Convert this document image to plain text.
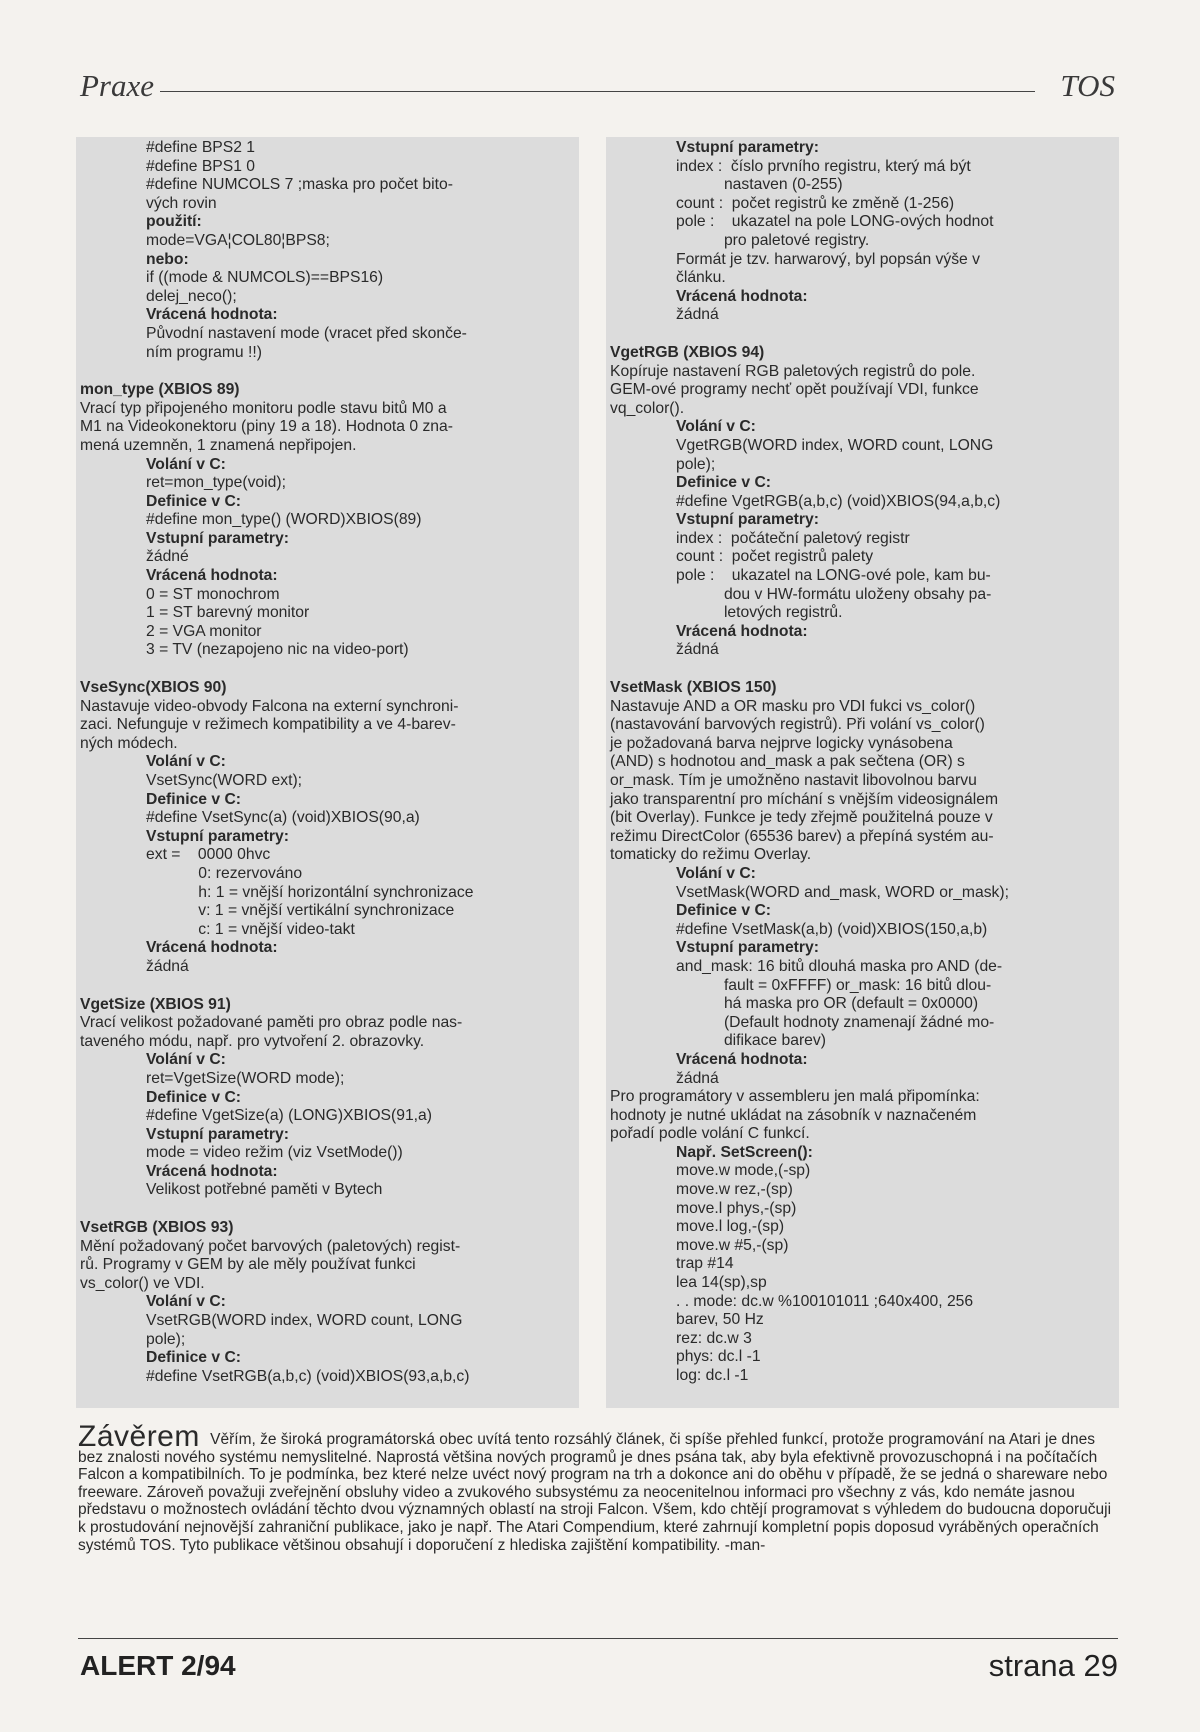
Praxe	TOS
#define BPS2 1
#define BPS1 0
#define NUMCOLS 7 ;maska pro počet bito-
vých rovin
použití:
mode=VGA¦COL80¦BPS8;
nebo:
if ((mode & NUMCOLS)==BPS16)
delej_neco();
Vrácená hodnota:
Původní nastavení mode (vracet před skonče-
ním programu !!)
mon_type (XBIOS 89)
Vrací typ připojeného monitoru podle stavu bitů M0 a
M1 na Videokonektoru (piny 19 a 18). Hodnota 0 zna-
mená uzemněn, 1 znamená nepřipojen.
Volání v C:
ret=mon_type(void);
Definice v C:
#define mon_type() (WORD)XBIOS(89)
Vstupní parametry:
žádné
Vrácená hodnota:
0 = ST monochrom
1 = ST barevný monitor
2 = VGA monitor
3 = TV (nezapojeno nic na video-port)
VseSync(XBIOS 90)
Nastavuje video-obvody Falcona na externí synchroni-
zaci. Nefunguje v režimech kompatibility a ve 4-barev-
ných módech.
Volání v C:
VsetSync(WORD ext);
Definice v C:
#define VsetSync(a) (void)XBIOS(90,a)
Vstupní parametry:
ext =    0000 0hvc
0: rezervováno
h: 1 = vnější horizontální synchronizace
v: 1 = vnější vertikální synchronizace
c: 1 = vnější video-takt
Vrácená hodnota:
žádná
VgetSize (XBIOS 91)
Vrací velikost požadované paměti pro obraz podle nas-
taveného módu, např. pro vytvoření 2. obrazovky.
Volání v C:
ret=VgetSize(WORD mode);
Definice v C:
#define VgetSize(a) (LONG)XBIOS(91,a)
Vstupní parametry:
mode = video režim (viz VsetMode())
Vrácená hodnota:
Velikost potřebné paměti v Bytech
VsetRGB (XBIOS 93)
Mění požadovaný počet barvových (paletových) regist-
rů. Programy v GEM by ale měly používat funkci
vs_color() ve VDI.
Volání v C:
VsetRGB(WORD index, WORD count, LONG
pole);
Definice v C:
#define VsetRGB(a,b,c) (void)XBIOS(93,a,b,c)
Vstupní parametry:
index :  číslo prvního registru, který má být
nastaven (0-255)
count :  počet registrů ke změně (1-256)
pole :    ukazatel na pole LONG-ových hodnot
pro paletové registry.
Formát je tzv. harwarový, byl popsán výše v
článku.
Vrácená hodnota:
žádná
VgetRGB (XBIOS 94)
Kopíruje nastavení RGB paletových registrů do pole.
GEM-ové programy nechť opět používají VDI, funkce
vq_color().
Volání v C:
VgetRGB(WORD index, WORD count, LONG
pole);
Definice v C:
#define VgetRGB(a,b,c) (void)XBIOS(94,a,b,c)
Vstupní parametry:
index :  počáteční paletový registr
count :  počet registrů palety
pole :    ukazatel na LONG-ové pole, kam bu-
dou v HW-formátu uloženy obsahy pa-
letových registrů.
Vrácená hodnota:
žádná
VsetMask (XBIOS 150)
Nastavuje AND a OR masku pro VDI fukci vs_color()
(nastavování barvových registrů). Při volání vs_color()
je požadovaná barva nejprve logicky vynásobena
(AND) s hodnotou and_mask a pak sečtena (OR) s
or_mask. Tím je umožněno nastavit libovolnou barvu
jako transparentní pro míchání s vnějším videosignálem
(bit Overlay). Funkce je tedy zřejmě použitelná pouze v
režimu DirectColor (65536 barev) a přepíná systém au-
tomaticky do režimu Overlay.
Volání v C:
VsetMask(WORD and_mask, WORD or_mask);
Definice v C:
#define VsetMask(a,b) (void)XBIOS(150,a,b)
Vstupní parametry:
and_mask: 16 bitů dlouhá maska pro AND (de-
fault = 0xFFFF) or_mask: 16 bitů dlou-
há maska pro OR (default = 0x0000)
(Default hodnoty znamenají žádné mo-
difikace barev)
Vrácená hodnota:
žádná
Pro programátory v assembleru jen malá připomínka:
hodnoty je nutné ukládat na zásobník v naznačeném
pořadí podle volání C funkcí.
Např. SetScreen():
move.w mode,(-sp)
move.w rez,-(sp)
move.l phys,-(sp)
move.l log,-(sp)
move.w #5,-(sp)
trap #14
lea 14(sp),sp
. . mode: dc.w %100101011 ;640x400, 256
barev, 50 Hz
rez: dc.w 3
phys: dc.l -1
log: dc.l -1
Závěrem Věřím, že široká programátorská obec uvítá tento rozsáhlý článek, či spíše přehled funkcí, protože programování na Atari je dnes bez znalosti nového systému nemyslitelné. Naprostá většina nových programů je dnes psána tak, aby byla efektivně provozuschopná i na počítačích Falcon a kompatibilních. To je podmínka, bez které nelze uvéct nový program na trh a dokonce ani do oběhu v případě, že se jedná o shareware nebo freeware. Zároveň považuji zveřejnění obsluhy video a zvukového subsystému za neocenitelnou informaci pro všechny z vás, kdo nemáte jasnou představu o možnostech ovládání těchto dvou významných oblastí na stroji Falcon. Všem, kdo chtějí programovat s výhledem do budoucna doporučuji k prostudování nejnovější zahraniční publikace, jako je např. The Atari Compendium, které zahrnují kompletní popis doposud vyráběných operačních systémů TOS. Tyto publikace většinou obsahují i doporučení z hlediska zajištění kompatibility. -man-
ALERT 2/94	strana 29
